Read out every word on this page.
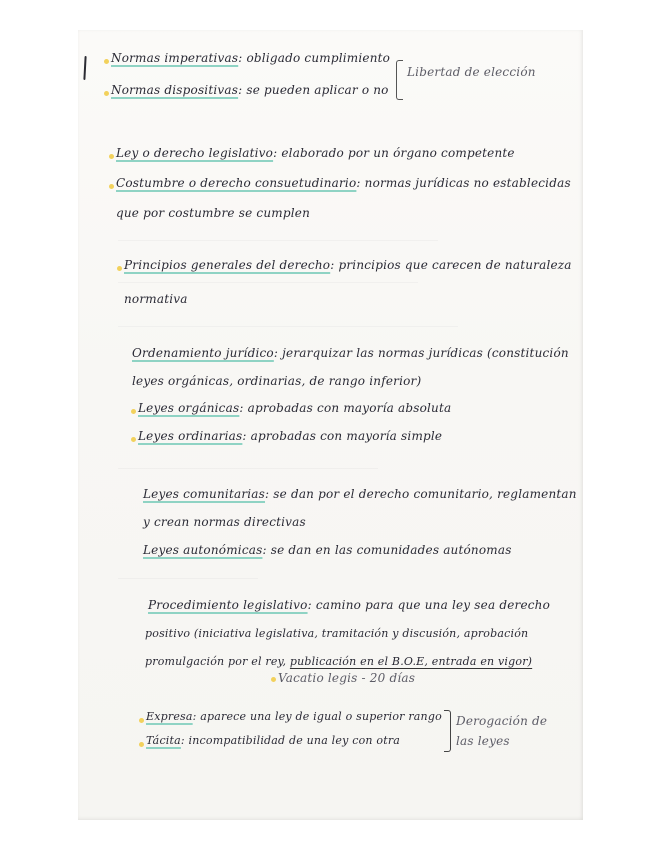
Normas imperativas: obligado cumplimiento
Normas dispositivas: se pueden aplicar o no
Libertad de elección
Ley o derecho legislativo: elaborado por un órgano competente
Costumbre o derecho consuetudinario: normas jurídicas no establecidas
que por costumbre se cumplen
Principios generales del derecho: principios que carecen de naturaleza
normativa
Ordenamiento jurídico: jerarquizar las normas jurídicas (constitución
leyes orgánicas, ordinarias, de rango inferior)
Leyes orgánicas: aprobadas con mayoría absoluta
Leyes ordinarias: aprobadas con mayoría simple
Leyes comunitarias: se dan por el derecho comunitario, reglamentan
y crean normas directivas
Leyes autonómicas: se dan en las comunidades autónomas
Procedimiento legislativo: camino para que una ley sea derecho
positivo (iniciativa legislativa, tramitación y discusión, aprobación
promulgación por el rey, publicación en el B.O.E, entrada en vigor)
Vacatio legis - 20 días
Expresa: aparece una ley de igual o superior rango
Tácita: incompatibilidad de una ley con otra
Derogación de
las leyes
